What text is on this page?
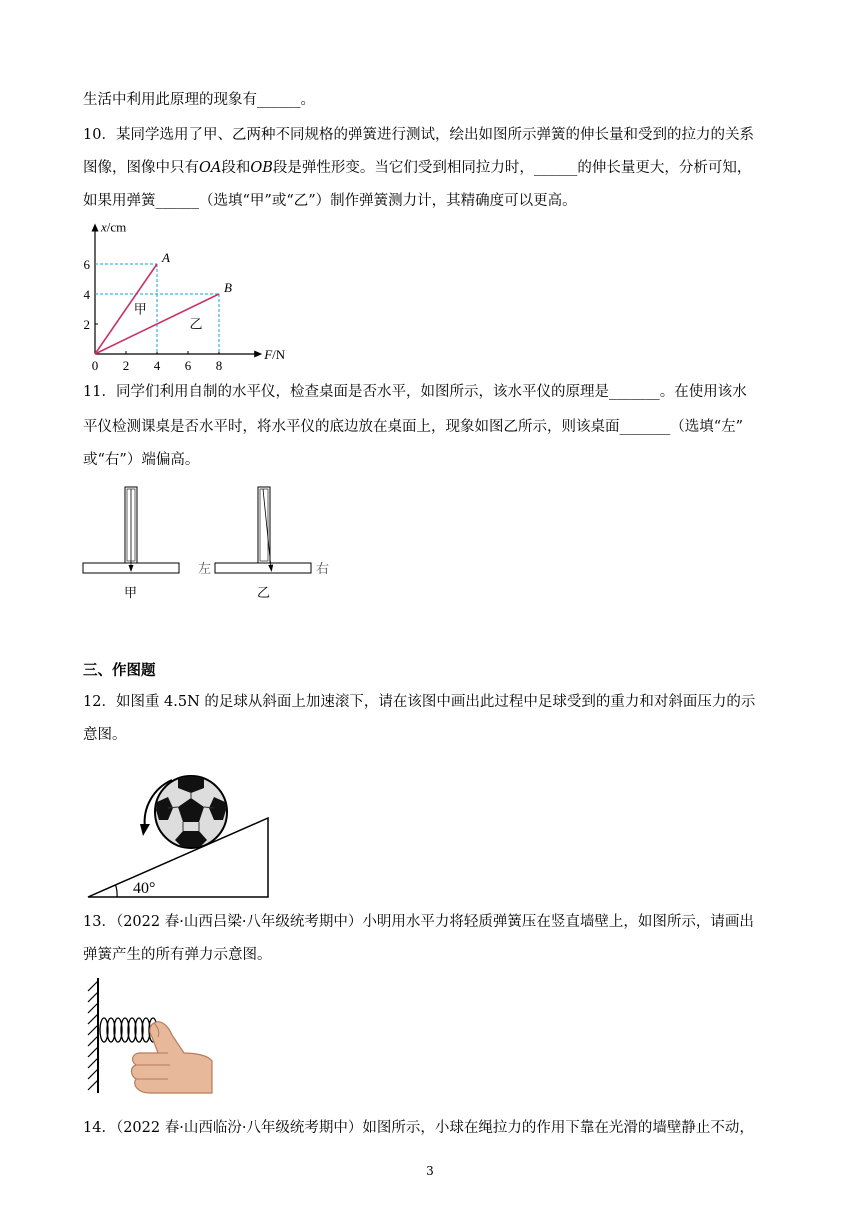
生活中利用此原理的现象有______。
10．某同学选用了甲、乙两种不同规格的弹簧进行测试，绘出如图所示弹簧的伸长量和受到的拉力的关系
图像，图像中只有OA段和OB段是弹性形变。当它们受到相同拉力时，______的伸长量更大，分析可知，
如果用弹簧______（选填“甲”或“乙”）制作弹簧测力计，其精确度可以更高。
x/cm
F/N
0 2 4 6 8
2
4
6	A
B
甲
乙
11．同学们利用自制的水平仪，检查桌面是否水平，如图所示，该水平仪的原理是_______。在使用该水
平仪检测课桌是否水平时，将水平仪的底边放在桌面上，现象如图乙所示，则该桌面_______（选填“左”
或“右”）端偏高。
甲	乙
左	右
三、作图题
12．如图重 4.5N 的足球从斜面上加速滚下，请在该图中画出此过程中足球受到的重力和对斜面压力的示
意图。
40°
13．（2022 春·山西吕梁·八年级统考期中）小明用水平力将轻质弹簧压在竖直墙壁上，如图所示，请画出
弹簧产生的所有弹力示意图。
14．（2022 春·山西临汾·八年级统考期中）如图所示，小球在绳拉力的作用下靠在光滑的墙壁静止不动，
3
